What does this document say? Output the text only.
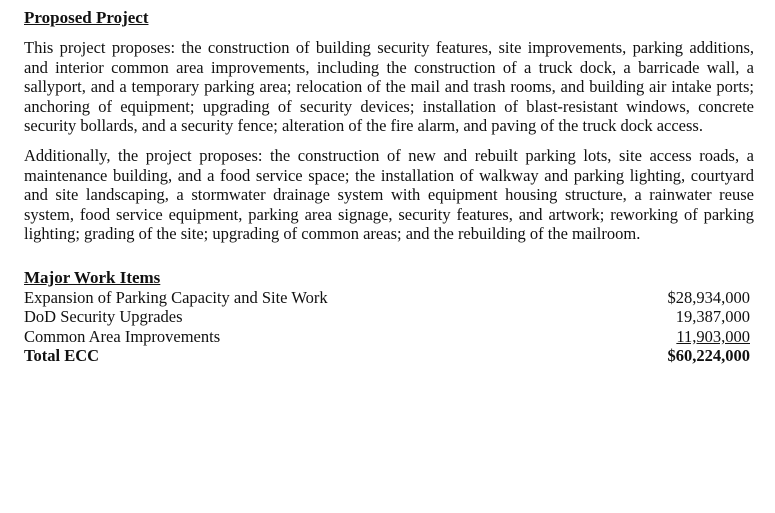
Proposed Project

This project proposes: the construction of building security features, site improvements, parking additions, and interior common area improvements, including the construction of a truck dock, a barricade wall, a sallyport, and a temporary parking area; relocation of the mail and trash rooms, and building air intake ports; anchoring of equipment; upgrading of security devices; installation of blast-resistant windows, concrete security bollards, and a security fence; alteration of the fire alarm, and paving of the truck dock access.

Additionally, the project proposes: the construction of new and rebuilt parking lots, site access roads, a maintenance building, and a food service space; the installation of walkway and parking lighting, courtyard and site landscaping, a stormwater drainage system with equipment housing structure, a rainwater reuse system, food service equipment, parking area signage, security features, and artwork; reworking of parking lighting; grading of the site; upgrading of common areas; and the rebuilding of the mailroom.

Major Work Items
Expansion of Parking Capacity and Site Work	$28,934,000
DoD Security Upgrades	19,387,000
Common Area Improvements	11,903,000
Total ECC	$60,224,000
